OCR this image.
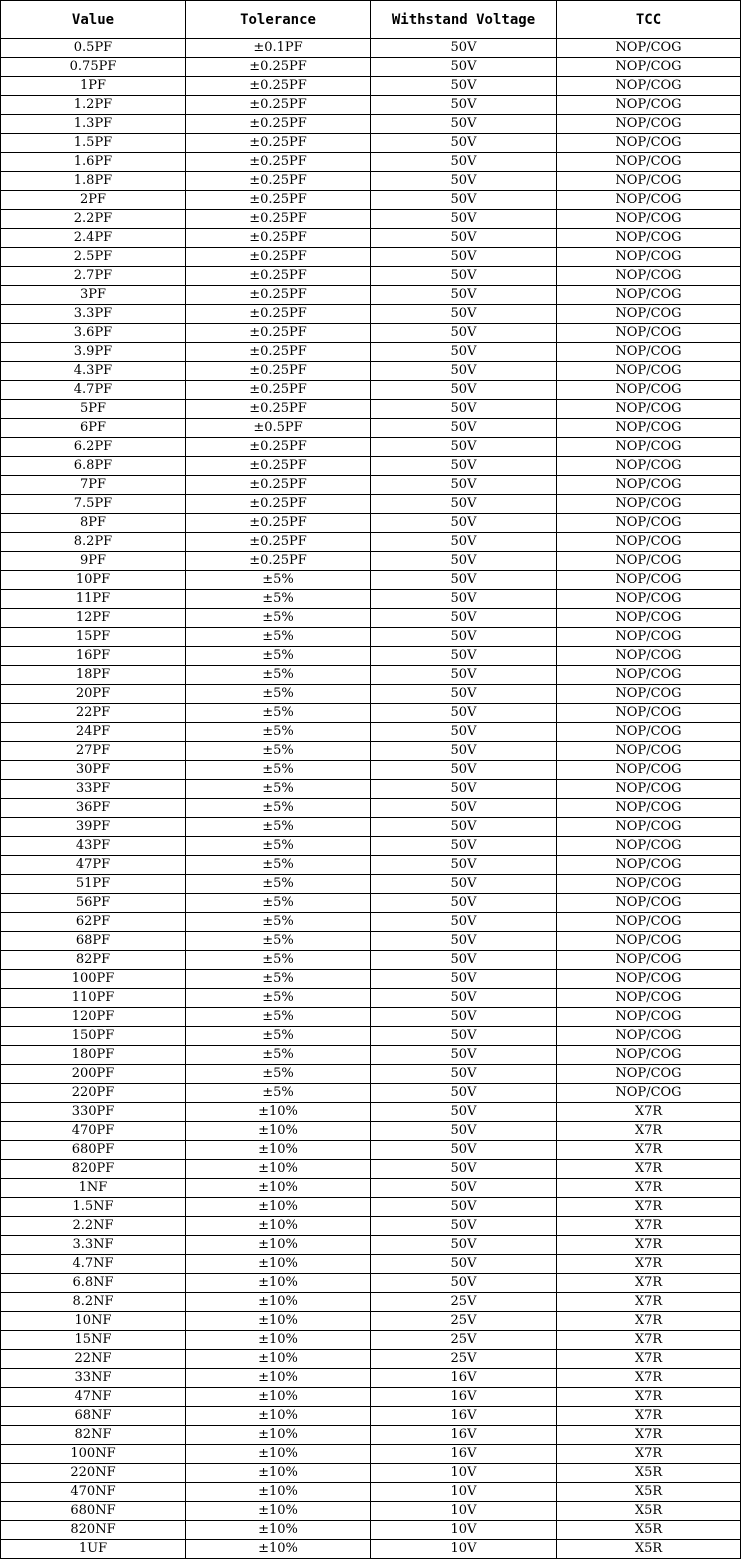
Value	Tolerance	Withstand Voltage	TCC
0.5PF	±0.1PF	50V	NOP/COG
0.75PF	±0.25PF	50V	NOP/COG
1PF	±0.25PF	50V	NOP/COG
1.2PF	±0.25PF	50V	NOP/COG
1.3PF	±0.25PF	50V	NOP/COG
1.5PF	±0.25PF	50V	NOP/COG
1.6PF	±0.25PF	50V	NOP/COG
1.8PF	±0.25PF	50V	NOP/COG
2PF	±0.25PF	50V	NOP/COG
2.2PF	±0.25PF	50V	NOP/COG
2.4PF	±0.25PF	50V	NOP/COG
2.5PF	±0.25PF	50V	NOP/COG
2.7PF	±0.25PF	50V	NOP/COG
3PF	±0.25PF	50V	NOP/COG
3.3PF	±0.25PF	50V	NOP/COG
3.6PF	±0.25PF	50V	NOP/COG
3.9PF	±0.25PF	50V	NOP/COG
4.3PF	±0.25PF	50V	NOP/COG
4.7PF	±0.25PF	50V	NOP/COG
5PF	±0.25PF	50V	NOP/COG
6PF	±0.5PF	50V	NOP/COG
6.2PF	±0.25PF	50V	NOP/COG
6.8PF	±0.25PF	50V	NOP/COG
7PF	±0.25PF	50V	NOP/COG
7.5PF	±0.25PF	50V	NOP/COG
8PF	±0.25PF	50V	NOP/COG
8.2PF	±0.25PF	50V	NOP/COG
9PF	±0.25PF	50V	NOP/COG
10PF	±5%	50V	NOP/COG
11PF	±5%	50V	NOP/COG
12PF	±5%	50V	NOP/COG
15PF	±5%	50V	NOP/COG
16PF	±5%	50V	NOP/COG
18PF	±5%	50V	NOP/COG
20PF	±5%	50V	NOP/COG
22PF	±5%	50V	NOP/COG
24PF	±5%	50V	NOP/COG
27PF	±5%	50V	NOP/COG
30PF	±5%	50V	NOP/COG
33PF	±5%	50V	NOP/COG
36PF	±5%	50V	NOP/COG
39PF	±5%	50V	NOP/COG
43PF	±5%	50V	NOP/COG
47PF	±5%	50V	NOP/COG
51PF	±5%	50V	NOP/COG
56PF	±5%	50V	NOP/COG
62PF	±5%	50V	NOP/COG
68PF	±5%	50V	NOP/COG
82PF	±5%	50V	NOP/COG
100PF	±5%	50V	NOP/COG
110PF	±5%	50V	NOP/COG
120PF	±5%	50V	NOP/COG
150PF	±5%	50V	NOP/COG
180PF	±5%	50V	NOP/COG
200PF	±5%	50V	NOP/COG
220PF	±5%	50V	NOP/COG
330PF	±10%	50V	X7R
470PF	±10%	50V	X7R
680PF	±10%	50V	X7R
820PF	±10%	50V	X7R
1NF	±10%	50V	X7R
1.5NF	±10%	50V	X7R
2.2NF	±10%	50V	X7R
3.3NF	±10%	50V	X7R
4.7NF	±10%	50V	X7R
6.8NF	±10%	50V	X7R
8.2NF	±10%	25V	X7R
10NF	±10%	25V	X7R
15NF	±10%	25V	X7R
22NF	±10%	25V	X7R
33NF	±10%	16V	X7R
47NF	±10%	16V	X7R
68NF	±10%	16V	X7R
82NF	±10%	16V	X7R
100NF	±10%	16V	X7R
220NF	±10%	10V	X5R
470NF	±10%	10V	X5R
680NF	±10%	10V	X5R
820NF	±10%	10V	X5R
1UF	±10%	10V	X5R
